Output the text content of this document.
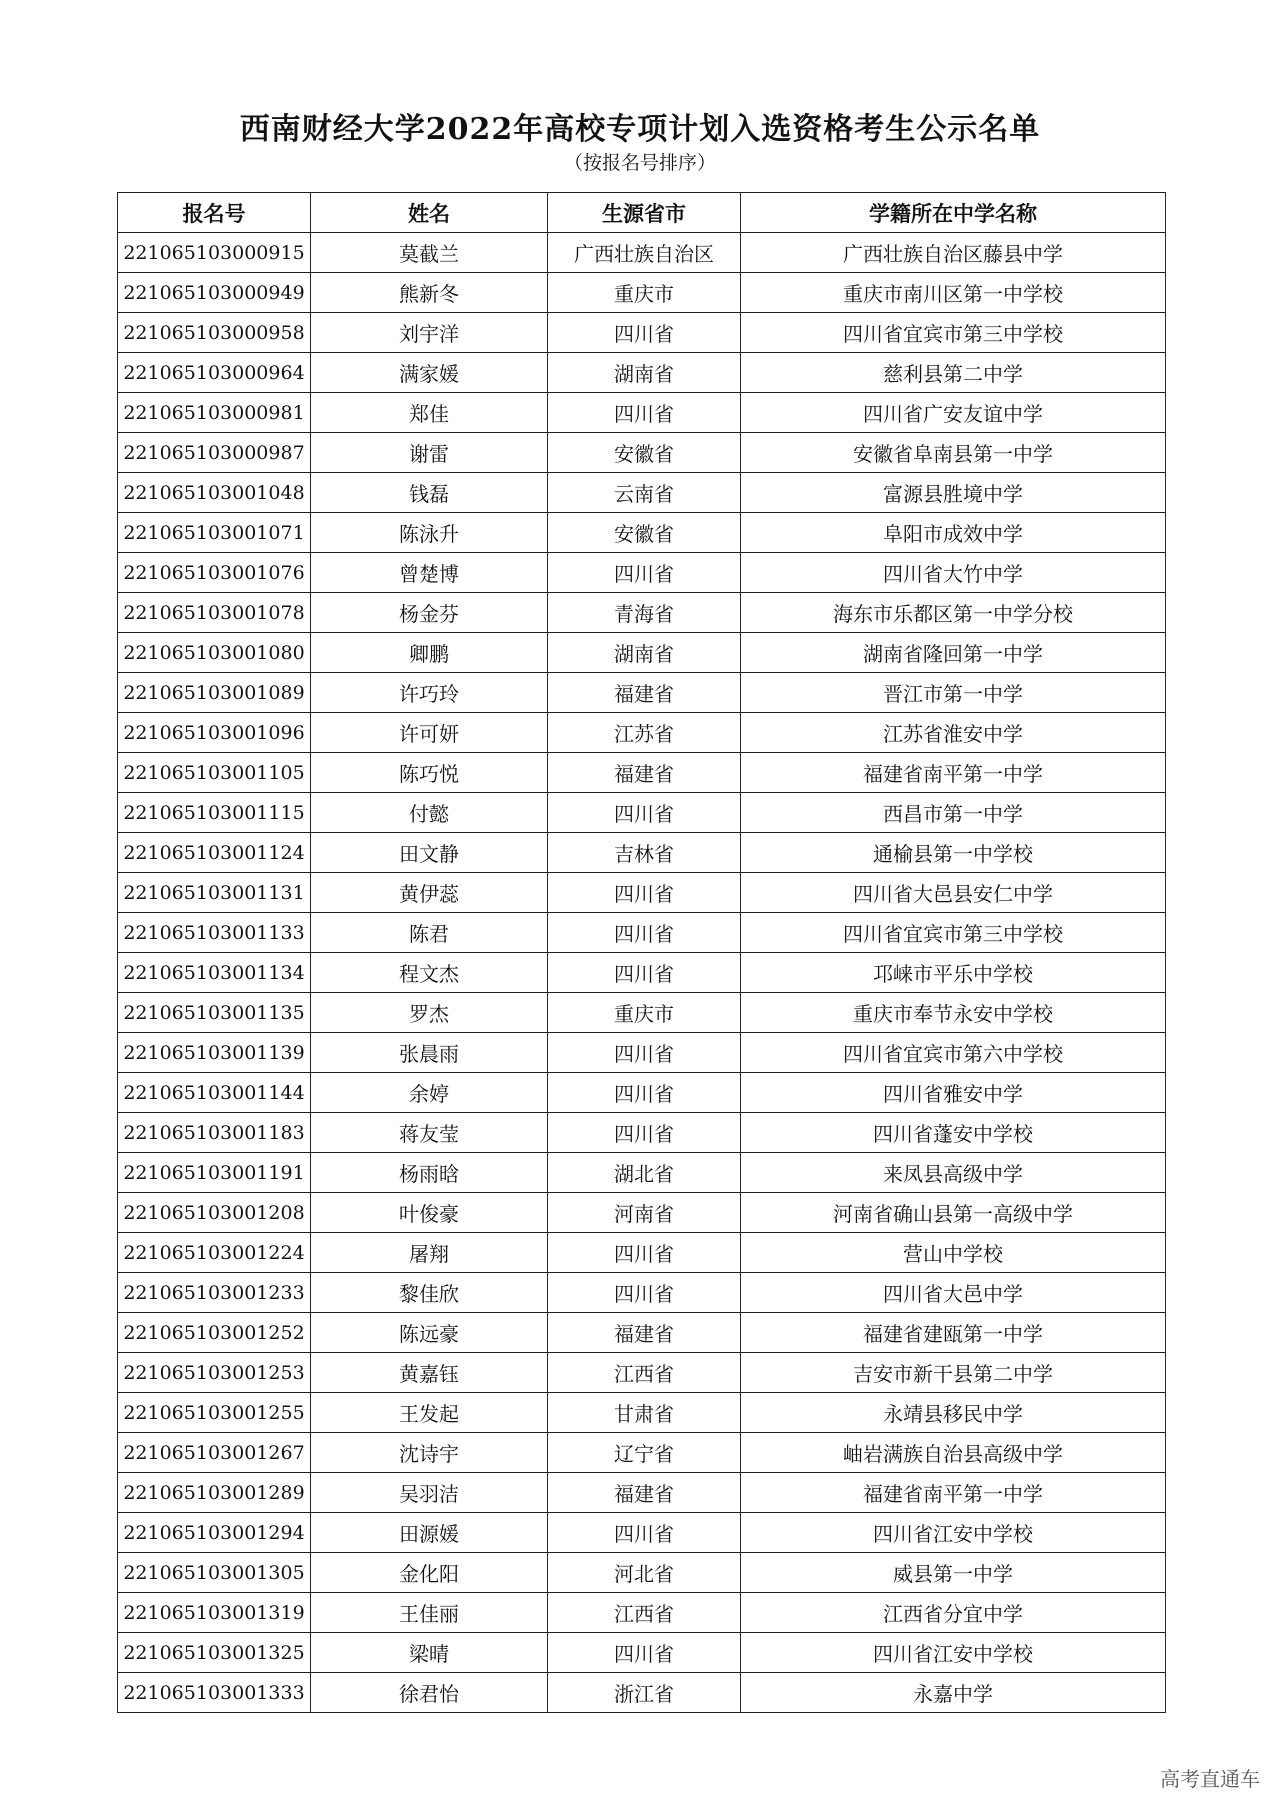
西南财经大学2022年高校专项计划入选资格考生公示名单
（按报名号排序）
报名号	姓名	生源省市	学籍所在中学名称
221065103000915	莫截兰	广西壮族自治区	广西壮族自治区藤县中学
221065103000949	熊新冬	重庆市	重庆市南川区第一中学校
221065103000958	刘宇洋	四川省	四川省宜宾市第三中学校
221065103000964	满家媛	湖南省	慈利县第二中学
221065103000981	郑佳	四川省	四川省广安友谊中学
221065103000987	谢雷	安徽省	安徽省阜南县第一中学
221065103001048	钱磊	云南省	富源县胜境中学
221065103001071	陈泳升	安徽省	阜阳市成效中学
221065103001076	曾楚博	四川省	四川省大竹中学
221065103001078	杨金芬	青海省	海东市乐都区第一中学分校
221065103001080	卿鹏	湖南省	湖南省隆回第一中学
221065103001089	许巧玲	福建省	晋江市第一中学
221065103001096	许可妍	江苏省	江苏省淮安中学
221065103001105	陈巧悦	福建省	福建省南平第一中学
221065103001115	付懿	四川省	西昌市第一中学
221065103001124	田文静	吉林省	通榆县第一中学校
221065103001131	黄伊蕊	四川省	四川省大邑县安仁中学
221065103001133	陈君	四川省	四川省宜宾市第三中学校
221065103001134	程文杰	四川省	邛崃市平乐中学校
221065103001135	罗杰	重庆市	重庆市奉节永安中学校
221065103001139	张晨雨	四川省	四川省宜宾市第六中学校
221065103001144	余婷	四川省	四川省雅安中学
221065103001183	蒋友莹	四川省	四川省蓬安中学校
221065103001191	杨雨晗	湖北省	来凤县高级中学
221065103001208	叶俊豪	河南省	河南省确山县第一高级中学
221065103001224	屠翔	四川省	营山中学校
221065103001233	黎佳欣	四川省	四川省大邑中学
221065103001252	陈远豪	福建省	福建省建瓯第一中学
221065103001253	黄嘉钰	江西省	吉安市新干县第二中学
221065103001255	王发起	甘肃省	永靖县移民中学
221065103001267	沈诗宇	辽宁省	岫岩满族自治县高级中学
221065103001289	吴羽洁	福建省	福建省南平第一中学
221065103001294	田源媛	四川省	四川省江安中学校
221065103001305	金化阳	河北省	威县第一中学
221065103001319	王佳丽	江西省	江西省分宜中学
221065103001325	梁晴	四川省	四川省江安中学校
221065103001333	徐君怡	浙江省	永嘉中学
高考直通车
